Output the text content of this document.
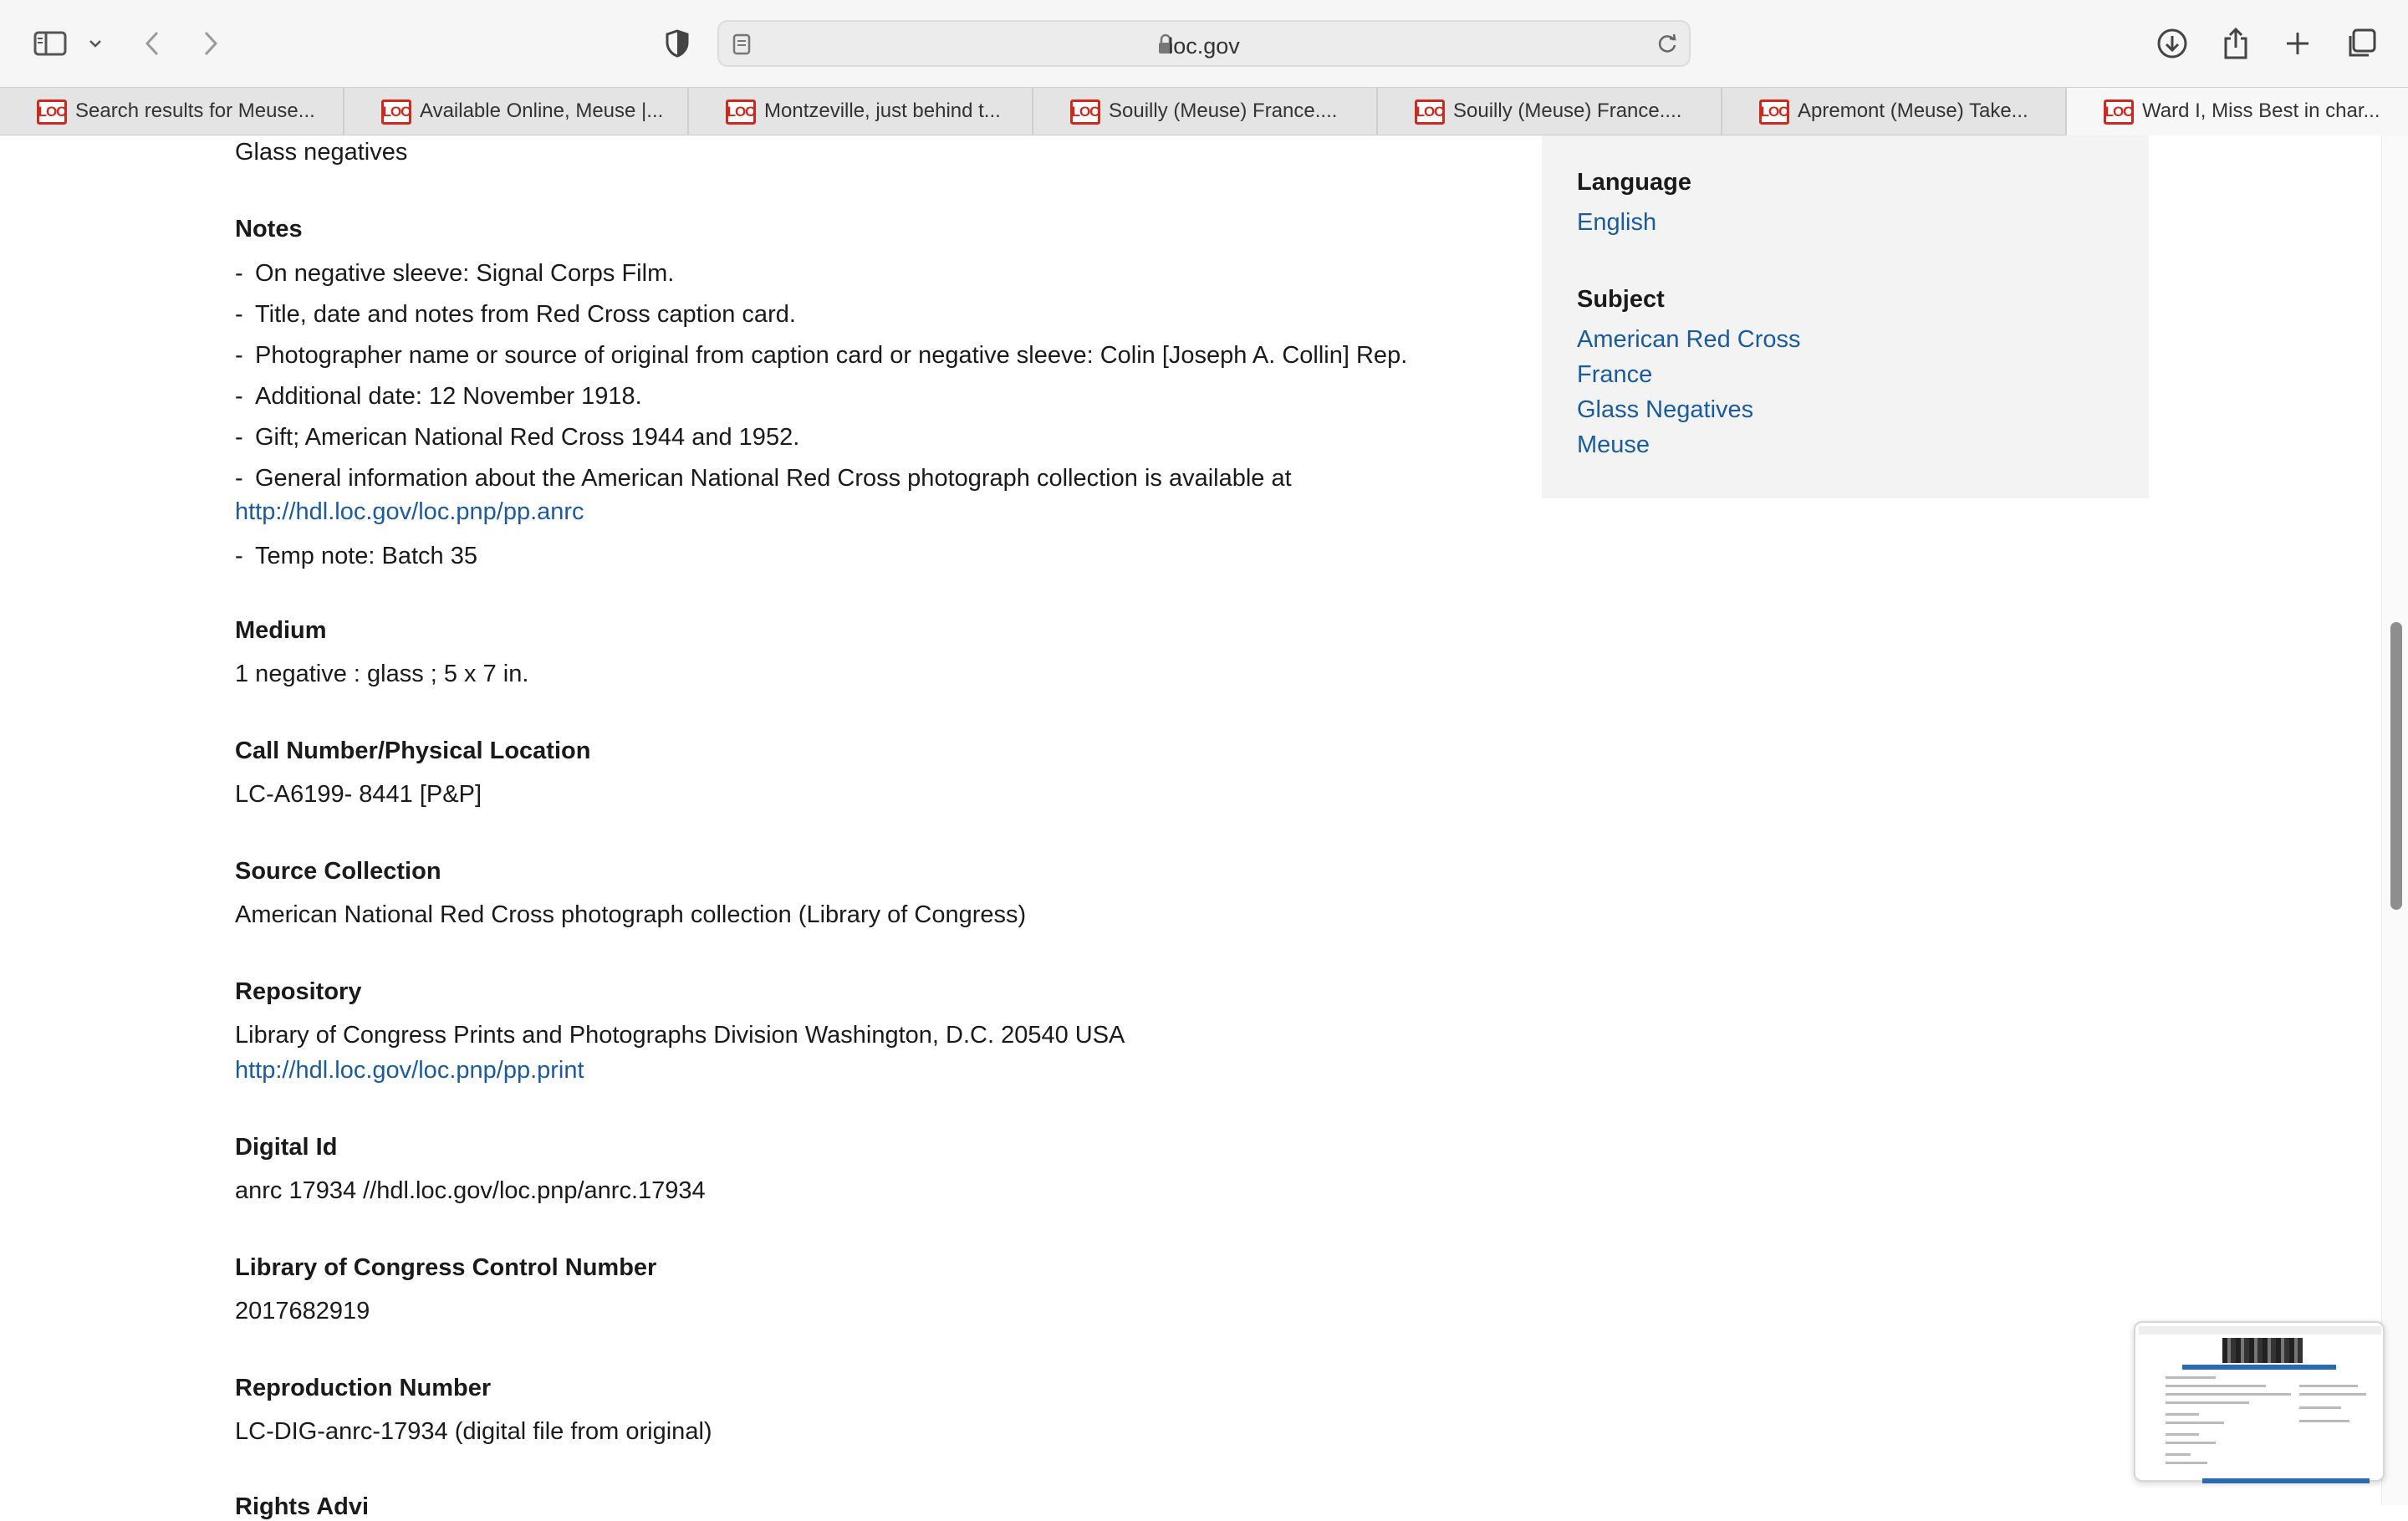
loc.gov
LOC Search results for Meuse...	LOC Available Online, Meuse |...	LOC Montzeville, just behind t...	LOC Souilly (Meuse) France....	LOC Souilly (Meuse) France....	LOC Apremont (Meuse) Take...	LOC Ward I, Miss Best in char...
Glass negatives
Notes
- On negative sleeve: Signal Corps Film.
- Title, date and notes from Red Cross caption card.
- Photographer name or source of original from caption card or negative sleeve: Colin [Joseph A. Collin] Rep.
- Additional date: 12 November 1918.
- Gift; American National Red Cross 1944 and 1952.
- General information about the American National Red Cross photograph collection is available at
http://hdl.loc.gov/loc.pnp/pp.anrc
- Temp note: Batch 35
Medium
1 negative : glass ; 5 x 7 in.
Call Number/Physical Location
LC-A6199- 8441 [P&P]
Source Collection
American National Red Cross photograph collection (Library of Congress)
Repository
Library of Congress Prints and Photographs Division Washington, D.C. 20540 USA
http://hdl.loc.gov/loc.pnp/pp.print
Digital Id
anrc 17934 //hdl.loc.gov/loc.pnp/anrc.17934
Library of Congress Control Number
2017682919
Reproduction Number
LC-DIG-anrc-17934 (digital file from original)
Rights Advi
Language
English
Subject
American Red Cross
France
Glass Negatives
Meuse
